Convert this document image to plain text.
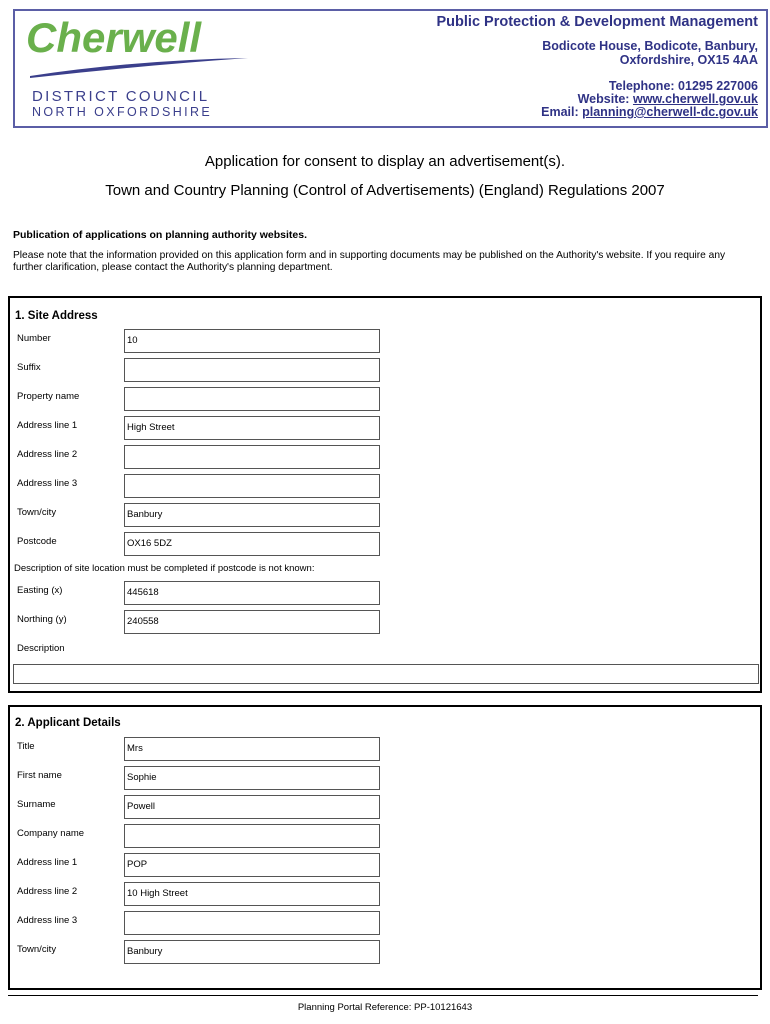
Cherwell
DISTRICT COUNCIL
NORTH OXFORDSHIRE
Public Protection & Development Management
Bodicote House, Bodicote, Banbury,
Oxfordshire, OX15 4AA
Telephone: 01295 227006
Website: www.cherwell.gov.uk
Email: planning@cherwell-dc.gov.uk
Application for consent to display an advertisement(s).
Town and Country Planning (Control of Advertisements) (England) Regulations 2007
Publication of applications on planning authority websites.
Please note that the information provided on this application form and in supporting documents may be published on the Authority's website. If you require any further clarification, please contact the Authority's planning department.
1. Site Address
Number	10
Suffix
Property name
Address line 1	High Street
Address line 2
Address line 3
Town/city	Banbury
Postcode	OX16 5DZ
Description of site location must be completed if postcode is not known:
Easting (x)	445618
Northing (y)	240558
Description
2. Applicant Details
Title	Mrs
First name	Sophie
Surname	Powell
Company name
Address line 1	POP
Address line 2	10 High Street
Address line 3
Town/city	Banbury
Planning Portal Reference: PP-10121643
